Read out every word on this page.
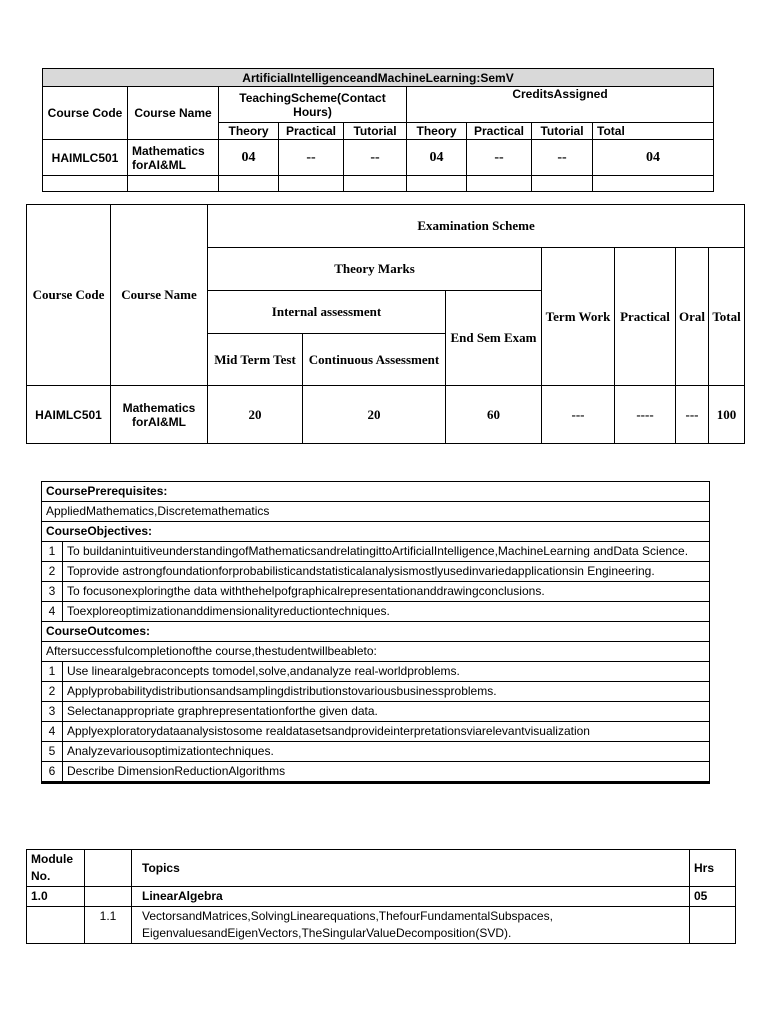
ArtificialIntelligenceandMachineLearning:SemV								
Course Code	Course Name	TeachingScheme(Contact Hours)			CreditsAssigned			
		Theory	Practical	Tutorial	Theory	Practical	Tutorial	Total
HAIMLC501	Mathematics forAI&ML	04	--	--	04	--	--	04

Course Code	Course Name	Examination Scheme						
		Theory Marks			Term Work	Practical	Oral	Total
		Internal assessment		End Sem Exam				
		Mid Term Test	Continuous Assessment					
HAIMLC501	Mathematics forAI&ML	20	20	60	---	----	---	100
CoursePrerequisites:	
AppliedMathematics,Discretemathematics	
CourseObjectives:	
1	To buildanintuitiveunderstandingofMathematicsandrelatingittoArtificialIntelligence,MachineLearning andData Science.
2	Toprovide astrongfoundationforprobabilisticandstatisticalanalysismostlyusedinvariedapplicationsin Engineering.
3	To focusonexploringthe data withthehelpofgraphicalrepresentationanddrawingconclusions.
4	Toexploreoptimizationanddimensionalityreductiontechniques.
CourseOutcomes:	
Aftersuccessfulcompletionofthe course,thestudentwillbeableto:	
1	Use linearalgebraconcepts tomodel,solve,andanalyze real-worldproblems.
2	Applyprobabilitydistributionsandsamplingdistributionstovariousbusinessproblems.
3	Selectanappropriate graphrepresentationforthe given data.
4	Applyexploratorydataanalysistosome realdatasetsandprovideinterpretationsviarelevantvisualization
5	Analyzevariousoptimizationtechniques.
6	Describe DimensionReductionAlgorithms
Module No.		Topics	Hrs
1.0		LinearAlgebra	05
	1.1	VectorsandMatrices,SolvingLinearequations,ThefourFundamentalSubspaces, EigenvaluesandEigenVectors,TheSingularValueDecomposition(SVD).	
